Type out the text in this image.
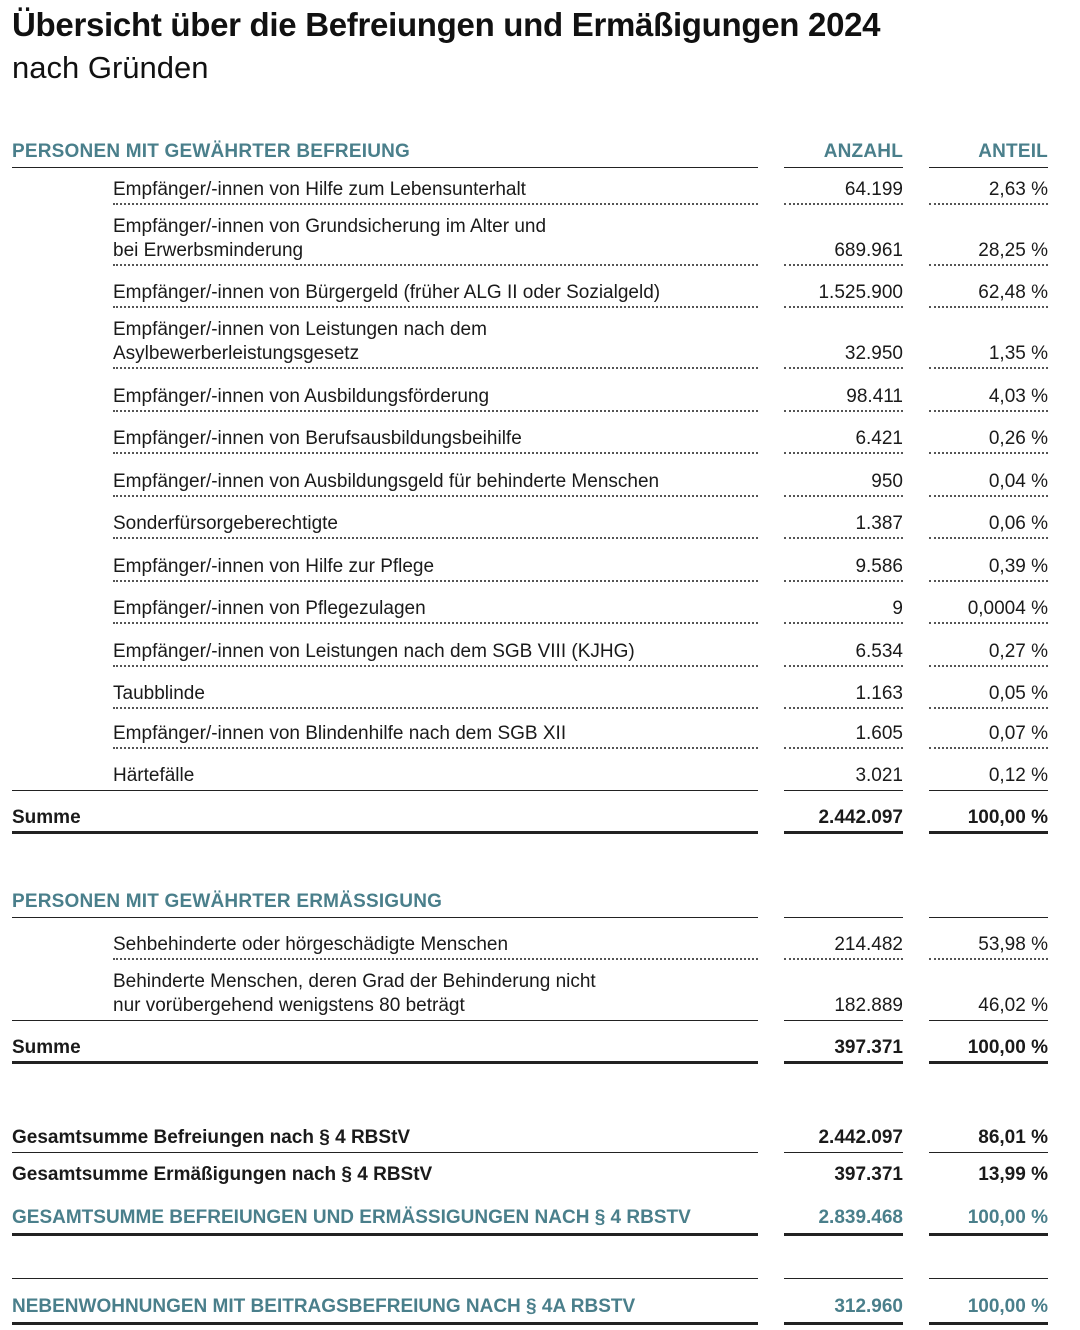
Übersicht über die Befreiungen und Ermäßigungen 2024
nach Gründen
PERSONEN MIT GEWÄHRTER BEFREIUNG	ANZAHL	ANTEIL
Empfänger/-innen von Hilfe zum Lebensunterhalt	64.199	2,63 %
Empfänger/-innen von Grundsicherung im Alter und
bei Erwerbsminderung	689.961	28,25 %
Empfänger/-innen von Bürgergeld (früher ALG II oder Sozialgeld)	1.525.900	62,48 %
Empfänger/-innen von Leistungen nach dem
Asylbewerberleistungsgesetz	32.950	1,35 %
Empfänger/-innen von Ausbildungsförderung	98.411	4,03 %
Empfänger/-innen von Berufsausbildungsbeihilfe	6.421	0,26 %
Empfänger/-innen von Ausbildungsgeld für behinderte Menschen	950	0,04 %
Sonderfürsorgeberechtigte	1.387	0,06 %
Empfänger/-innen von Hilfe zur Pflege	9.586	0,39 %
Empfänger/-innen von Pflegezulagen	9	0,0004 %
Empfänger/-innen von Leistungen nach dem SGB VIII (KJHG)	6.534	0,27 %
Taubblinde	1.163	0,05 %
Empfänger/-innen von Blindenhilfe nach dem SGB XII	1.605	0,07 %
Härtefälle	3.021	0,12 %
Summe	2.442.097	100,00 %
PERSONEN MIT GEWÄHRTER ERMÄSSIGUNG
Sehbehinderte oder hörgeschädigte Menschen	214.482	53,98 %
Behinderte Menschen, deren Grad der Behinderung nicht
nur vorübergehend wenigstens 80 beträgt	182.889	46,02 %
Summe	397.371	100,00 %
Gesamtsumme Befreiungen nach § 4 RBStV	2.442.097	86,01 %
Gesamtsumme Ermäßigungen nach § 4 RBStV	397.371	13,99 %
GESAMTSUMME BEFREIUNGEN UND ERMÄSSIGUNGEN NACH § 4 RBSTV	2.839.468	100,00 %
NEBENWOHNUNGEN MIT BEITRAGSBEFREIUNG NACH § 4A RBSTV	312.960	100,00 %
